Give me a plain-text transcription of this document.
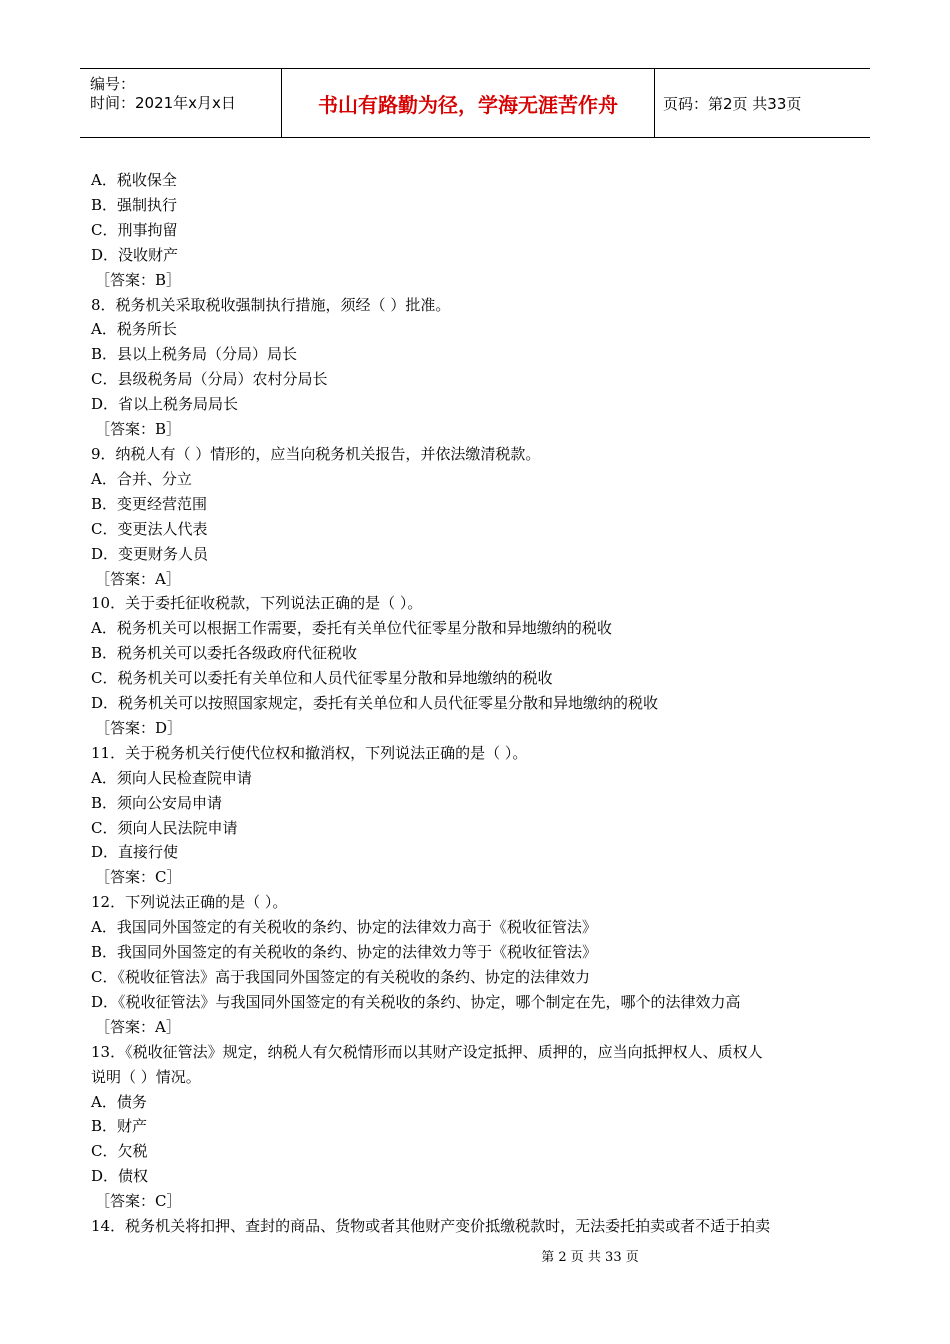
编号：
时间：2021年x月x日	书山有路勤为径，学海无涯苦作舟	页码：第2页 共33页
A．税收保全
B．强制执行
C．刑事拘留
D．没收财产
［答案：B］
8．税务机关采取税收强制执行措施，须经（ ）批准。
A．税务所长
B．县以上税务局（分局）局长
C．县级税务局（分局）农村分局长
D．省以上税务局局长
［答案：B］
9．纳税人有（ ）情形的，应当向税务机关报告，并依法缴清税款。
A．合并、分立
B．变更经营范围
C．变更法人代表
D．变更财务人员
［答案：A］
10．关于委托征收税款，下列说法正确的是（ ）。
A．税务机关可以根据工作需要，委托有关单位代征零星分散和异地缴纳的税收
B．税务机关可以委托各级政府代征税收
C．税务机关可以委托有关单位和人员代征零星分散和异地缴纳的税收
D．税务机关可以按照国家规定，委托有关单位和人员代征零星分散和异地缴纳的税收
［答案：D］
11．关于税务机关行使代位权和撤消权，下列说法正确的是（ ）。
A．须向人民检查院申请
B．须向公安局申请
C．须向人民法院申请
D．直接行使
［答案：C］
12．下列说法正确的是（ ）。
A．我国同外国签定的有关税收的条约、协定的法律效力高于《税收征管法》
B．我国同外国签定的有关税收的条约、协定的法律效力等于《税收征管法》
C．《税收征管法》高于我国同外国签定的有关税收的条约、协定的法律效力
D．《税收征管法》与我国同外国签定的有关税收的条约、协定，哪个制定在先，哪个的法律效力高
［答案：A］
13．《税收征管法》规定，纳税人有欠税情形而以其财产设定抵押、质押的，应当向抵押权人、质权人
说明（ ）情况。
A．债务
B．财产
C．欠税
D．债权
［答案：C］
14．税务机关将扣押、查封的商品、货物或者其他财产变价抵缴税款时，无法委托拍卖或者不适于拍卖
第 2 页 共 33 页
